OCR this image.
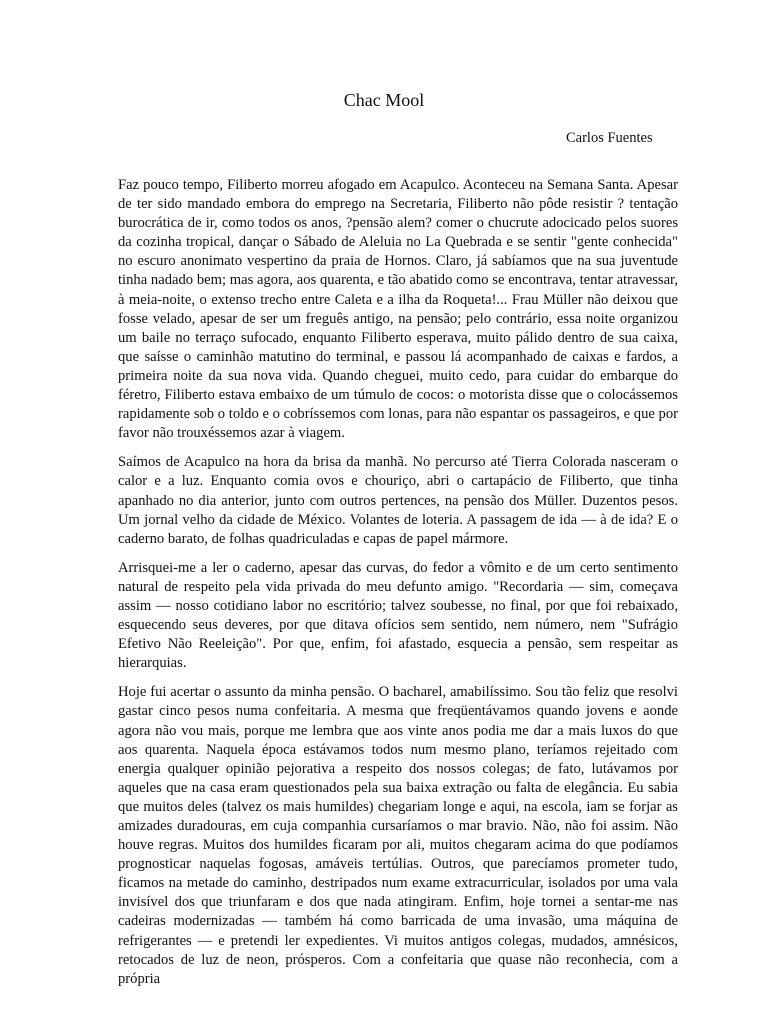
Chac Mool
Carlos Fuentes

Faz pouco tempo, Filiberto morreu afogado em Acapulco. Aconteceu na Semana Santa. Apesar de ter sido mandado embora do emprego na Secretaria, Filiberto não pôde resistir ? tentação burocrática de ir, como todos os anos, ?pensão alem? comer o chucrute adocicado pelos suores da cozinha tropical, dançar o Sábado de Aleluia no La Quebrada e se sentir "gente conhecida" no escuro anonimato vespertino da praia de Hornos. Claro, já sabíamos que na sua juventude tinha nadado bem; mas agora, aos quarenta, e tão abatido como se encontrava, tentar atravessar, à meia-noite, o extenso trecho entre Caleta e a ilha da Roqueta!... Frau Müller não deixou que fosse velado, apesar de ser um freguês antigo, na pensão; pelo contrário, essa noite organizou um baile no terraço sufocado, enquanto Filiberto esperava, muito pálido dentro de sua caixa, que saísse o caminhão matutino do terminal, e passou lá acompanhado de caixas e fardos, a primeira noite da sua nova vida. Quando cheguei, muito cedo, para cuidar do embarque do féretro, Filiberto estava embaixo de um túmulo de cocos: o motorista disse que o colocássemos rapidamente sob o toldo e o cobríssemos com lonas, para não espantar os passageiros, e que por favor não trouxéssemos azar à viagem.

Saímos de Acapulco na hora da brisa da manhã. No percurso até Tierra Colorada nasceram o calor e a luz. Enquanto comia ovos e chouriço, abri o cartapácio de Filiberto, que tinha apanhado no dia anterior, junto com outros pertences, na pensão dos Müller. Duzentos pesos. Um jornal velho da cidade de México. Volantes de loteria. A passagem de ida — à de ida? E o caderno barato, de folhas quadriculadas e capas de papel mármore.

Arrisquei-me a ler o caderno, apesar das curvas, do fedor a vômito e de um certo sentimento natural de respeito pela vida privada do meu defunto amigo. "Recordaria — sim, começava assim — nosso cotidiano labor no escritório; talvez soubesse, no final, por que foi rebaixado, esquecendo seus deveres, por que ditava ofícios sem sentido, nem número, nem "Sufrágio Efetivo Não Reeleição". Por que, enfim, foi afastado, esquecia a pensão, sem respeitar as hierarquias.

Hoje fui acertar o assunto da minha pensão. O bacharel, amabilíssimo. Sou tão feliz que resolvi gastar cinco pesos numa confeitaria. A mesma que freqüentávamos quando jovens e aonde agora não vou mais, porque me lembra que aos vinte anos podia me dar a mais luxos do que aos quarenta. Naquela época estávamos todos num mesmo plano, teríamos rejeitado com energia qualquer opinião pejorativa a respeito dos nossos colegas; de fato, lutávamos por aqueles que na casa eram questionados pela sua baixa extração ou falta de elegância. Eu sabia que muitos deles (talvez os mais humildes) chegariam longe e aqui, na escola, iam se forjar as amizades duradouras, em cuja companhia cursaríamos o mar bravio. Não, não foi assim. Não houve regras. Muitos dos humildes ficaram por ali, muitos chegaram acima do que podíamos prognosticar naquelas fogosas, amáveis tertúlias. Outros, que parecíamos prometer tudo, ficamos na metade do caminho, destripados num exame extracurricular, isolados por uma vala invisível dos que triunfaram e dos que nada atingiram. Enfim, hoje tornei a sentar-me nas cadeiras modernizadas — também há como barricada de uma invasão, uma máquina de refrigerantes — e pretendi ler expedientes. Vi muitos antigos colegas, mudados, amnésicos, retocados de luz de neon, prósperos. Com a confeitaria que quase não reconhecia, com a própria
